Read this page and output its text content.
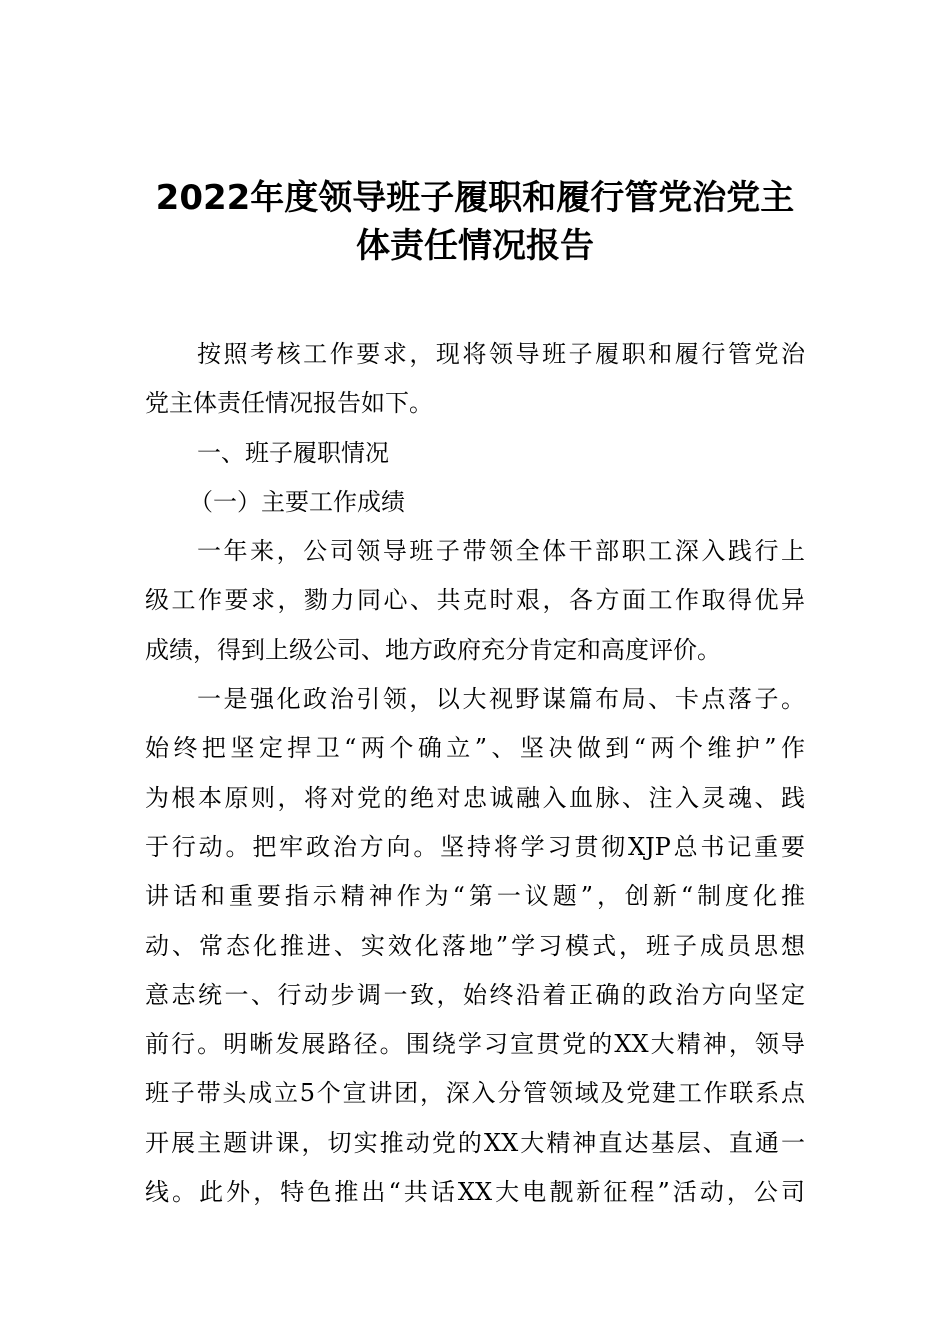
2022年度领导班子履职和履行管党治党主
体责任情况报告
按照考核工作要求，现将领导班子履职和履行管党治
党主体责任情况报告如下。
一、班子履职情况
（一）主要工作成绩
一年来，公司领导班子带领全体干部职工深入践行上
级工作要求，勠力同心、共克时艰，各方面工作取得优异
成绩，得到上级公司、地方政府充分肯定和高度评价。
一是强化政治引领，以大视野谋篇布局、卡点落子。
始终把坚定捍卫“两个确立”、坚决做到“两个维护”作
为根本原则，将对党的绝对忠诚融入血脉、注入灵魂、践
于行动。把牢政治方向。坚持将学习贯彻XJP总书记重要
讲话和重要指示精神作为“第一议题”，创新“制度化推
动、常态化推进、实效化落地”学习模式，班子成员思想
意志统一、行动步调一致，始终沿着正确的政治方向坚定
前行。明晰发展路径。围绕学习宣贯党的XX大精神，领导
班子带头成立5个宣讲团，深入分管领域及党建工作联系点
开展主题讲课，切实推动党的XX大精神直达基层、直通一
线。此外，特色推出“共话XX大电靓新征程”活动，公司
